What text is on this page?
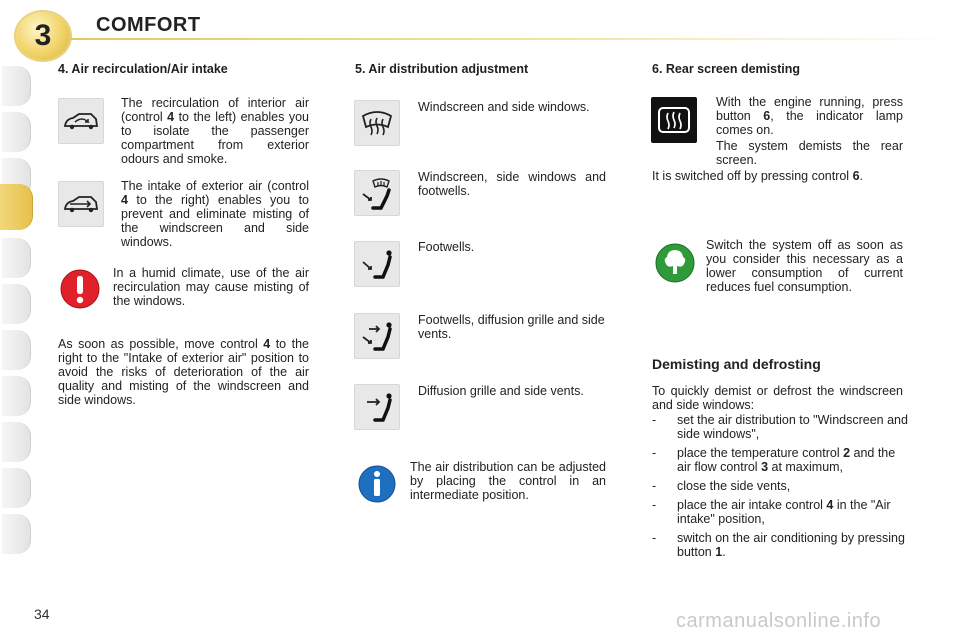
3	COMFORT
4. Air recirculation/Air intake
The recirculation of interior air (control 4 to the left) enables you to isolate the passenger compartment from exterior odours and smoke.
The intake of exterior air (control 4 to the right) enables you to prevent and eliminate misting of the windscreen and side windows.
In a humid climate, use of the air recirculation may cause misting of the windows.
As soon as possible, move control 4 to the right to the "Intake of exterior air" position to avoid the risks of deterioration of the air quality and misting of the windscreen and side windows.
5. Air distribution adjustment
Windscreen and side windows.
Windscreen, side windows and footwells.
Footwells.
Footwells, diffusion grille and side vents.
Diffusion grille and side vents.
The air distribution can be adjusted by placing the control in an intermediate position.
6. Rear screen demisting
With the engine running, press button 6, the indicator lamp comes on.
The system demists the rear screen.
It is switched off by pressing control 6.
Switch the system off as soon as you consider this necessary as a lower consumption of current reduces fuel consumption.
Demisting and defrosting
To quickly demist or defrost the windscreen and side windows:
- set the air distribution to "Windscreen and side windows",
- place the temperature control 2 and the air flow control 3 at maximum,
- close the side vents,
- place the air intake control 4 in the "Air intake" position,
- switch on the air conditioning by pressing button 1.
34	carmanualsonline.info
